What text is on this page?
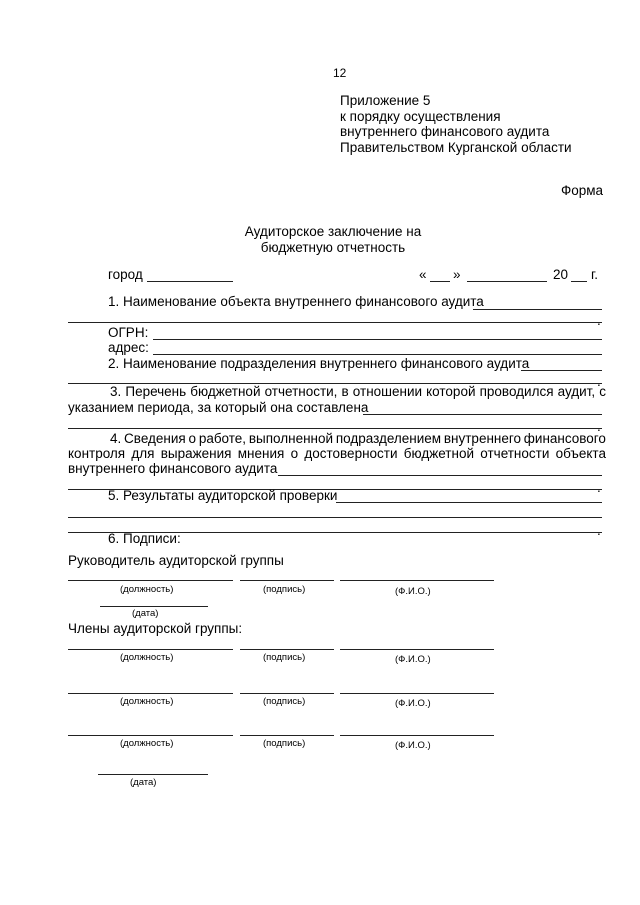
12
Приложение 5
к порядку осуществления
внутреннего финансового аудита
Правительством Курганской области
Форма
Аудиторское заключение на
бюджетную отчетность
город	« »	20 г.
1. Наименование объекта внутреннего финансового аудита
.
ОГРН:
адрес:
2. Наименование подразделения внутреннего финансового аудита
.
3. Перечень бюджетной отчетности, в отношении которой проводился аудит, с
указанием периода, за который она составлена
.
4. Сведения о работе, выполненной подразделением внутреннего финансового
контроля для выражения мнения о достоверности бюджетной отчетности объекта
внутреннего финансового аудита
.
5. Результаты аудиторской проверки
.
6. Подписи:
Руководитель аудиторской группы
(должность)	(подпись)	(Ф.И.О.)
(дата)
Члены аудиторской группы:
(должность)	(подпись)	(Ф.И.О.)
(должность)	(подпись)	(Ф.И.О.)
(должность)	(подпись)	(Ф.И.О.)
(дата)
